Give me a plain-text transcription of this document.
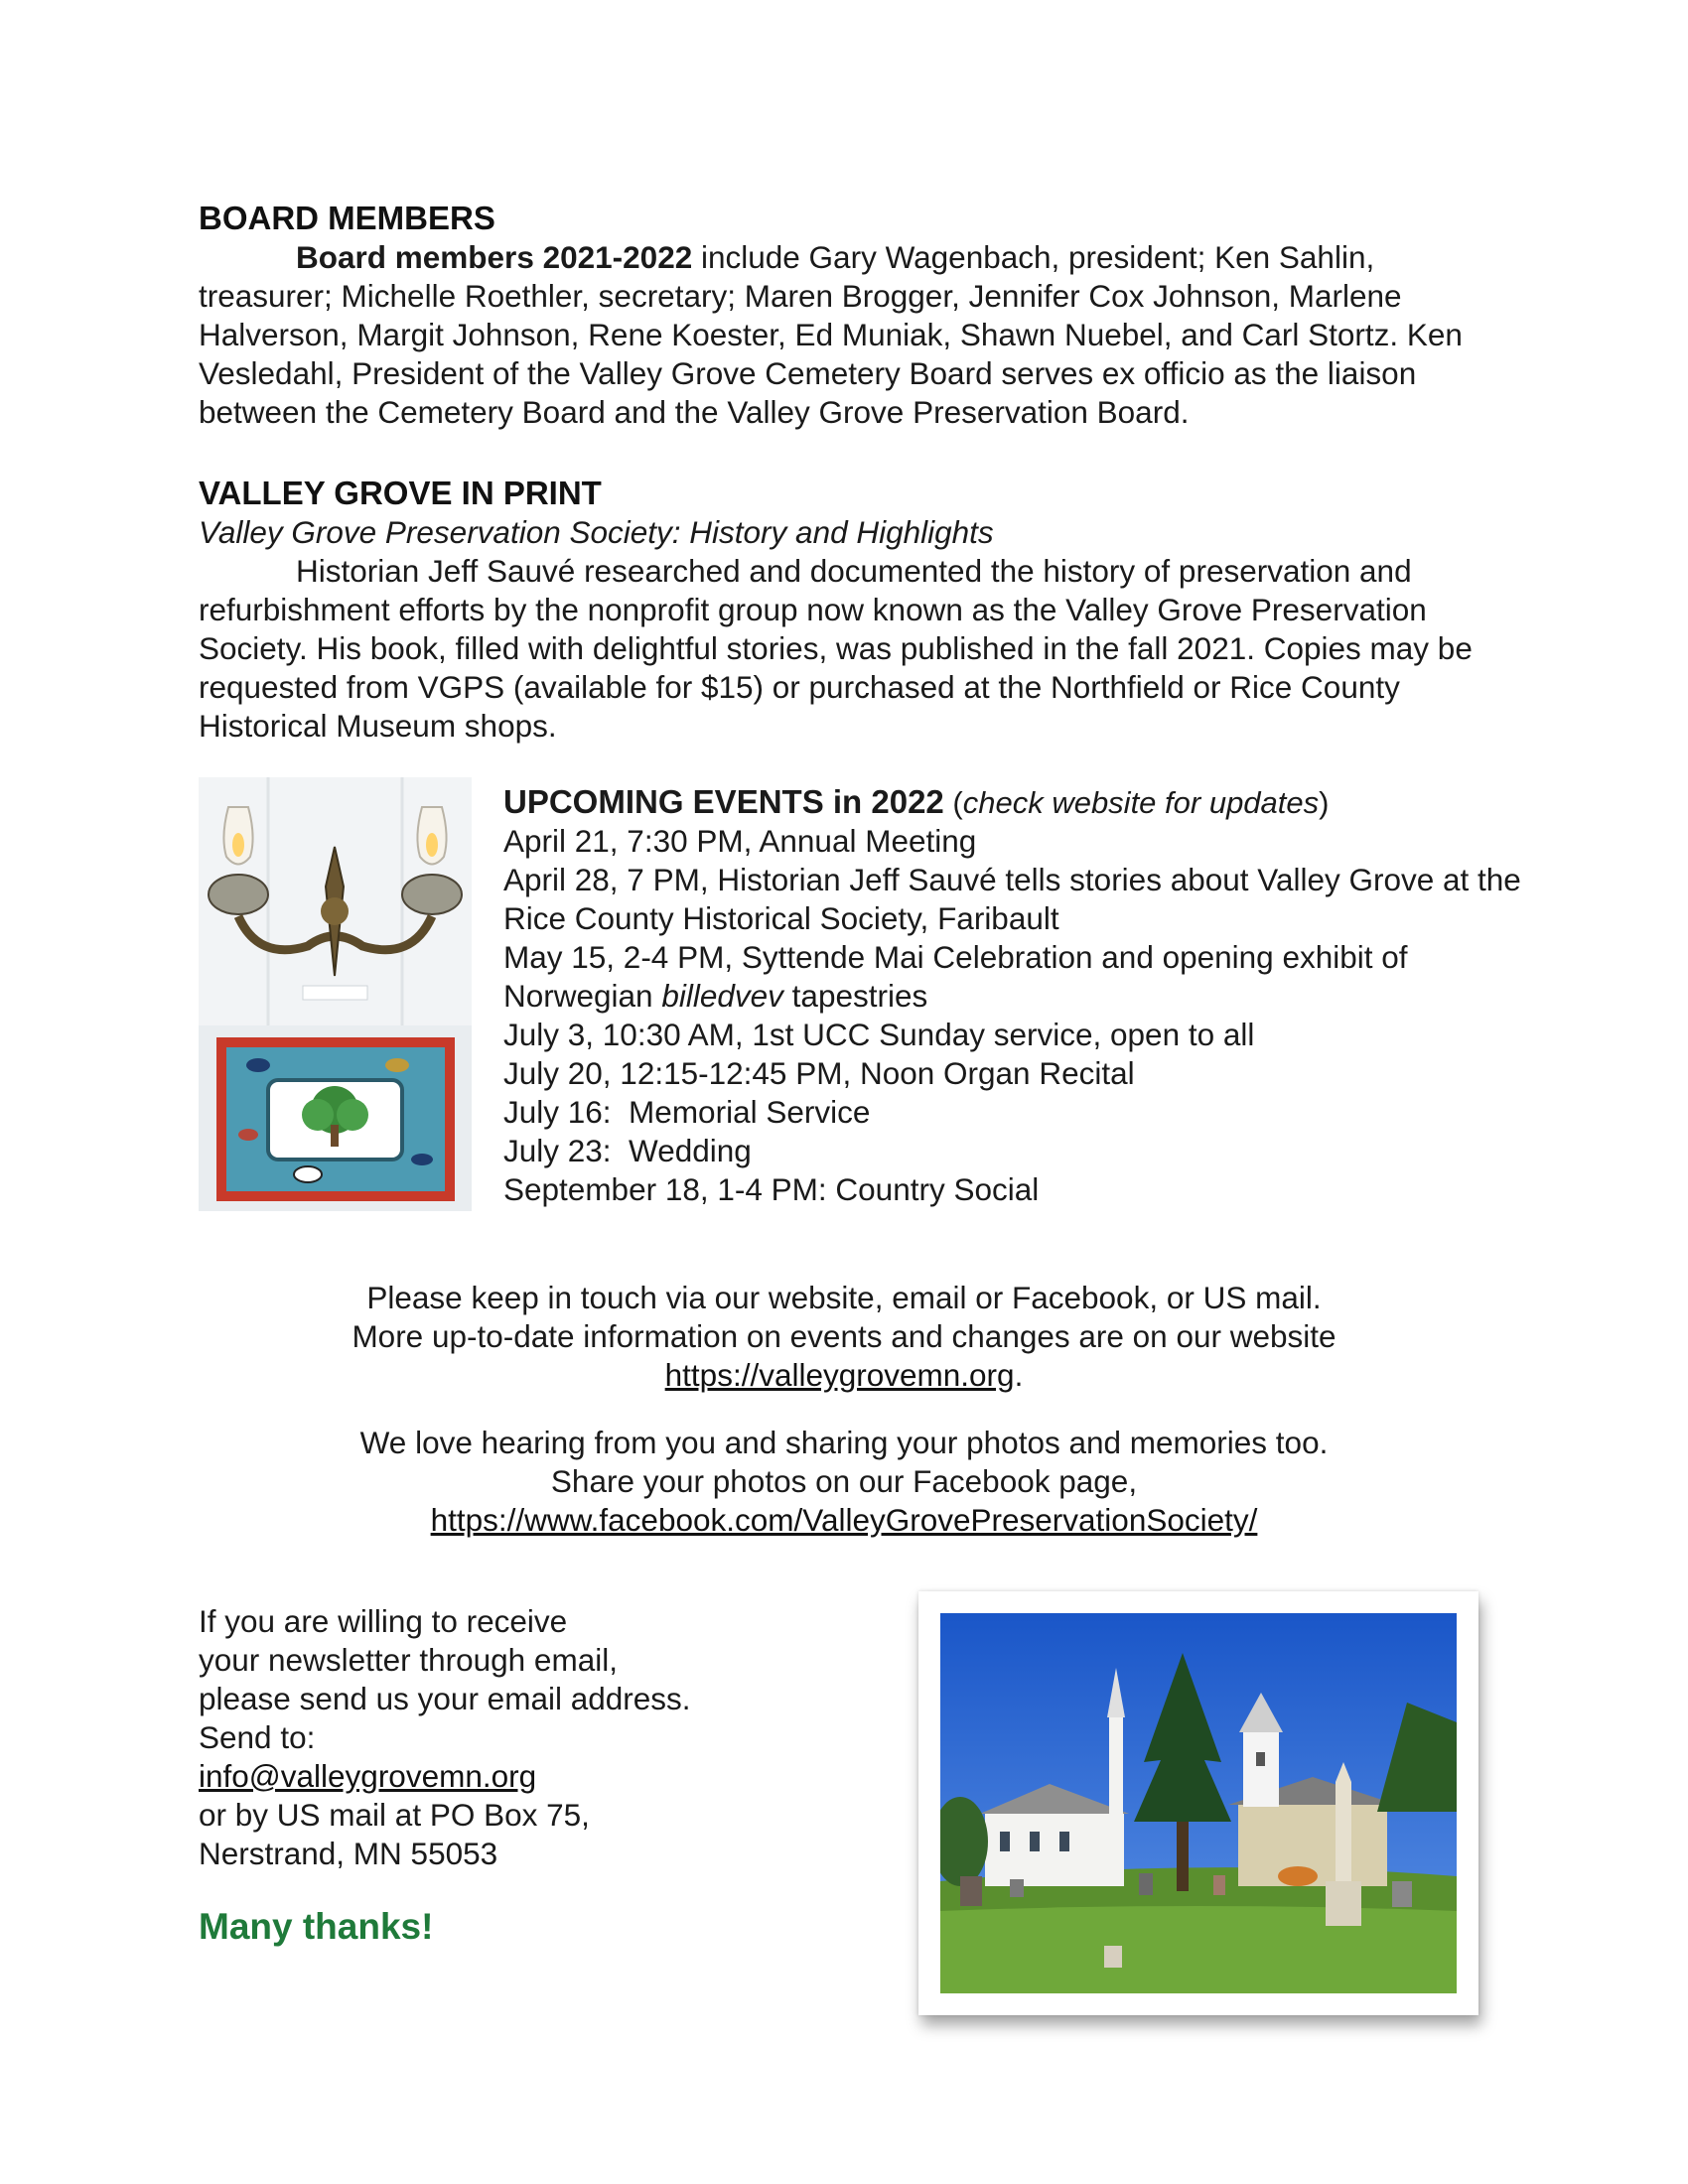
BOARD MEMBERS
Board members 2021-2022 include Gary Wagenbach, president; Ken Sahlin, treasurer; Michelle Roethler, secretary; Maren Brogger, Jennifer Cox Johnson, Marlene Halverson, Margit Johnson, Rene Koester, Ed Muniak, Shawn Nuebel, and Carl Stortz. Ken Vesledahl, President of the Valley Grove Cemetery Board serves ex officio as the liaison between the Cemetery Board and the Valley Grove Preservation Board.
VALLEY GROVE IN PRINT
Valley Grove Preservation Society: History and Highlights
Historian Jeff Sauvé researched and documented the history of preservation and refurbishment efforts by the nonprofit group now known as the Valley Grove Preservation Society. His book, filled with delightful stories, was published in the fall 2021. Copies may be requested from VGPS (available for $15) or purchased at the Northfield or Rice County Historical Museum shops.
UPCOMING EVENTS in 2022 (check website for updates)
April 21, 7:30 PM, Annual Meeting
April 28, 7 PM, Historian Jeff Sauvé tells stories about Valley Grove at the Rice County Historical Society, Faribault
May 15, 2-4 PM, Syttende Mai Celebration and opening exhibit of Norwegian billedvev tapestries
July 3, 10:30 AM, 1st UCC Sunday service, open to all
July 20, 12:15-12:45 PM, Noon Organ Recital
July 16:  Memorial Service
July 23:  Wedding
September 18, 1-4 PM: Country Social

Please keep in touch via our website, email or Facebook, or US mail.
More up-to-date information on events and changes are on our website
https://valleygrovemn.org.

We love hearing from you and sharing your photos and memories too.
Share your photos on our Facebook page,
https://www.facebook.com/ValleyGrovePreservationSociety/

If you are willing to receive
your newsletter through email,
please send us your email address.
Send to:
info@valleygrovemn.org
or by US mail at PO Box 75,
Nerstrand, MN 55053
Many thanks!
